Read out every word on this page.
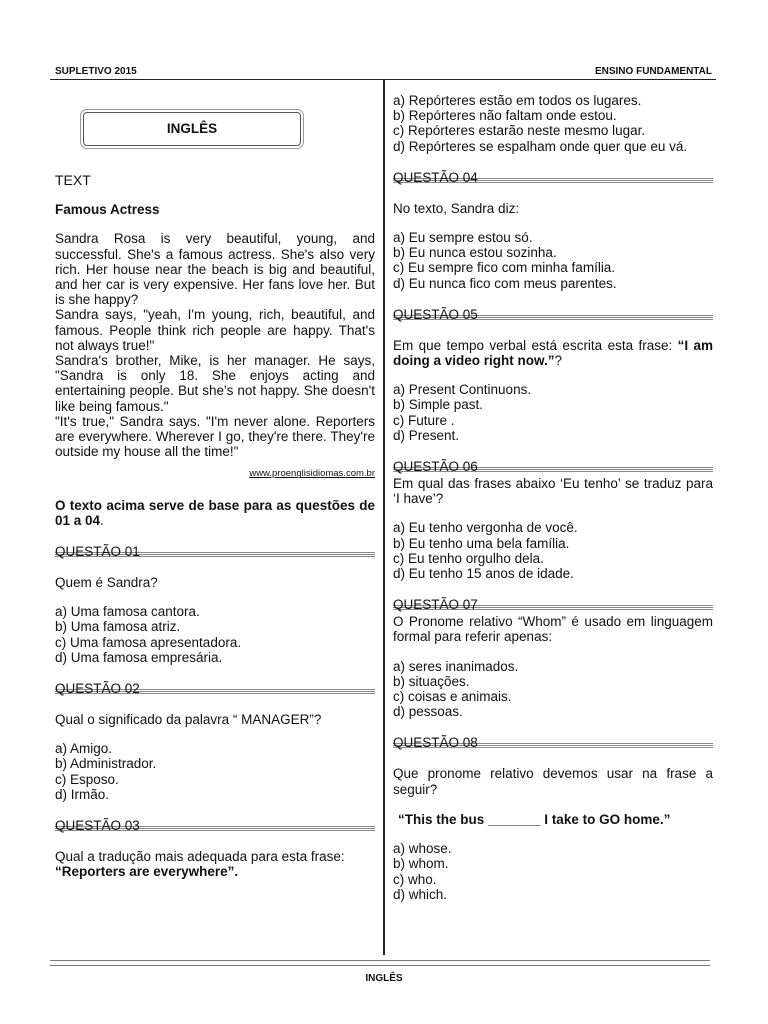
SUPLETIVO 2015	ENSINO FUNDAMENTAL
INGLÊS
TEXT
Famous Actress
Sandra Rosa is very beautiful, young, and successful. She's a famous actress. She's also very rich. Her house near the beach is big and beautiful, and her car is very expensive. Her fans love her. But is she happy?
Sandra says, "yeah, I'm young, rich, beautiful, and famous. People think rich people are happy. That's not always true!"
Sandra's brother, Mike, is her manager. He says, "Sandra is only 18. She enjoys acting and entertaining people. But she's not happy. She doesn't like being famous."
"It's true," Sandra says. "I'm never alone. Reporters are everywhere. Wherever I go, they're there. They're outside my house all the time!"
www.proenglisidiomas.com.br
O texto acima serve de base para as questões de 01 a 04.
QUESTÃO 01
Quem é Sandra?
a) Uma famosa cantora.
b) Uma famosa atriz.
c) Uma famosa apresentadora.
d) Uma famosa empresária.
QUESTÃO 02
Qual o significado da palavra “ MANAGER”?
a) Amigo.
b) Administrador.
c) Esposo.
d) Irmão.
QUESTÃO 03
Qual a tradução mais adequada para esta frase:
“Reporters are everywhere”.
a) Repórteres estão em todos os lugares.
b) Repórteres não faltam onde estou.
c) Repórteres estarão neste mesmo lugar.
d) Repórteres se espalham onde quer que eu vá.
QUESTÃO 04
No texto, Sandra diz:
a) Eu sempre estou só.
b) Eu nunca estou sozinha.
c) Eu sempre fico com minha família.
d) Eu nunca fico com meus parentes.
QUESTÃO 05
Em que tempo verbal está escrita esta frase: “I am doing a video right now.”?
a) Present Continuons.
b) Simple past.
c) Future .
d) Present.
QUESTÃO 06
Em qual das frases abaixo ‘Eu tenho’ se traduz para ‘I have’?
a) Eu tenho vergonha de você.
b) Eu tenho uma bela família.
c) Eu tenho orgulho dela.
d) Eu tenho 15 anos de idade.
QUESTÃO 07
O Pronome relativo “Whom” é usado em linguagem formal para referir apenas:
a) seres inanimados.
b) situações.
c) coisas e animais.
d) pessoas.
QUESTÃO 08
Que pronome relativo devemos usar na frase a seguir?
“This the bus _______ I take to GO home.”
a) whose.
b) whom.
c) who.
d) which.
INGLÊS
